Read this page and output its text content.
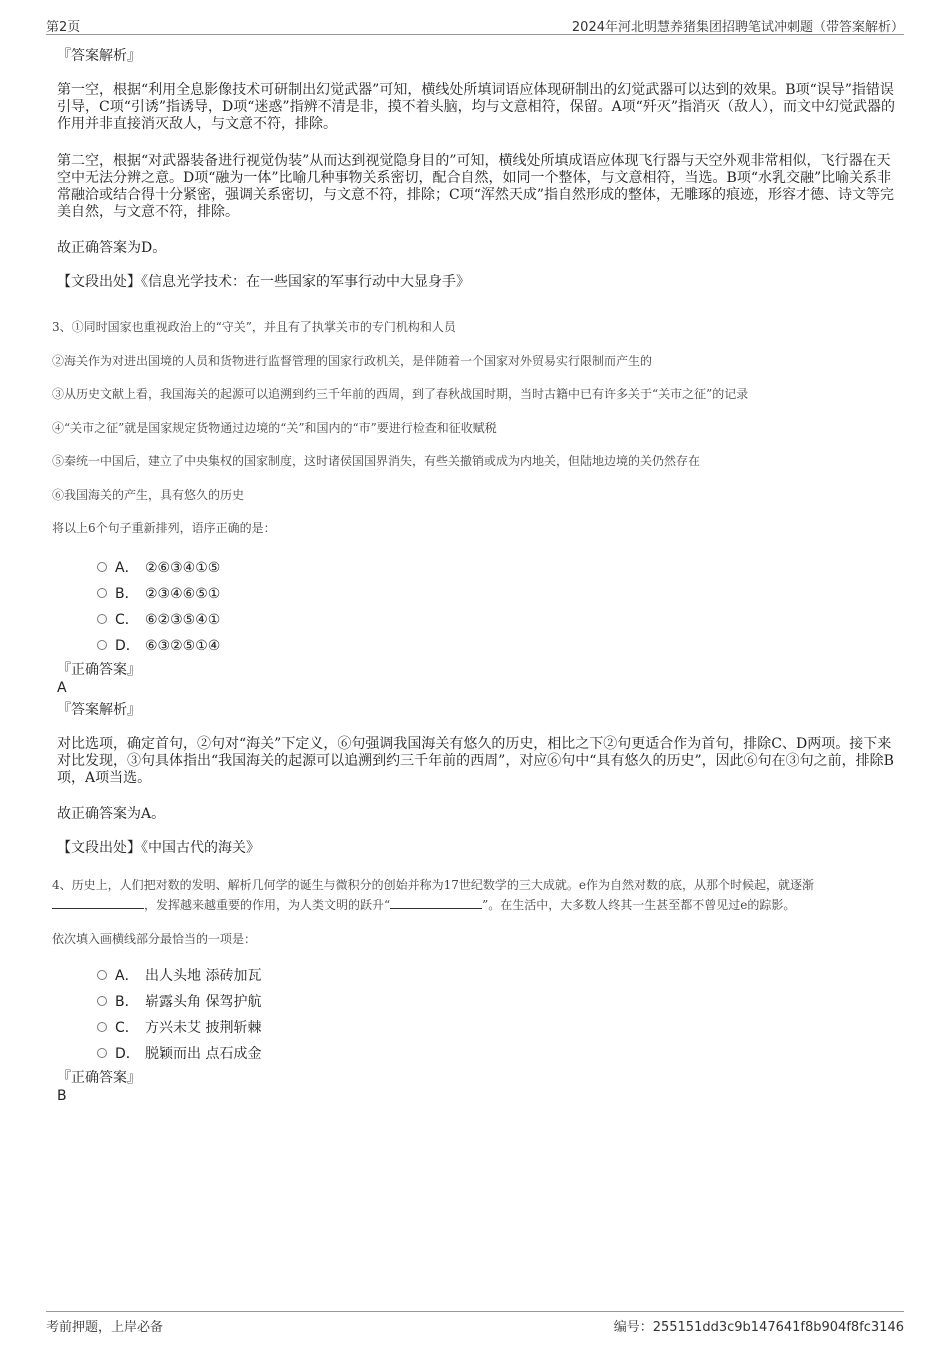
第2页	2024年河北明慧养猪集团招聘笔试冲刺题（带答案解析）
『答案解析』
第一空，根据“利用全息影像技术可研制出幻觉武器”可知，横线处所填词语应体现研制出的幻觉武器可以达到的效果。B项“误导”指错误引导，C项“引诱”指诱导，D项“迷惑”指辨不清是非，摸不着头脑，均与文意相符，保留。A项“歼灭”指消灭（敌人），而文中幻觉武器的作用并非直接消灭敌人，与文意不符，排除。
第二空，根据“对武器装备进行视觉伪装”从而达到视觉隐身目的”可知，横线处所填成语应体现飞行器与天空外观非常相似，飞行器在天空中无法分辨之意。D项“融为一体”比喻几种事物关系密切，配合自然，如同一个整体，与文意相符，当选。B项“水乳交融”比喻关系非常融洽或结合得十分紧密，强调关系密切，与文意不符，排除；C项“浑然天成”指自然形成的整体，无雕琢的痕迹，形容才德、诗文等完美自然，与文意不符，排除。
故正确答案为D。
【文段出处】《信息光学技术：在一些国家的军事行动中大显身手》
3、①同时国家也重视政治上的“守关”，并且有了执掌关市的专门机构和人员
②海关作为对进出国境的人员和货物进行监督管理的国家行政机关，是伴随着一个国家对外贸易实行限制而产生的
③从历史文献上看，我国海关的起源可以追溯到约三千年前的西周，到了春秋战国时期，当时古籍中已有许多关于“关市之征”的记录
④“关市之征”就是国家规定货物通过边境的“关”和国内的“市”要进行检查和征收赋税
⑤秦统一中国后，建立了中央集权的国家制度，这时诸侯国国界消失，有些关撤销或成为内地关，但陆地边境的关仍然存在
⑥我国海关的产生，具有悠久的历史
将以上6个句子重新排列，语序正确的是：
A． ②⑥③④①⑤
B． ②③④⑥⑤①
C． ⑥②③⑤④①
D． ⑥③②⑤①④
『正确答案』
A
『答案解析』
对比选项，确定首句，②句对“海关”下定义，⑥句强调我国海关有悠久的历史，相比之下②句更适合作为首句，排除C、D两项。接下来对比发现，③句具体指出“我国海关的起源可以追溯到约三千年前的西周”，对应⑥句中“具有悠久的历史”，因此⑥句在③句之前，排除B项，A项当选。
故正确答案为A。
【文段出处】《中国古代的海关》
4、历史上，人们把对数的发明、解析几何学的诞生与微积分的创始并称为17世纪数学的三大成就。e作为自然对数的底，从那个时候起，就逐渐，发挥越来越重要的作用，为人类文明的跃升“	”。在生活中，大多数人终其一生甚至都不曾见过e的踪影。
依次填入画横线部分最恰当的一项是：
A． 出人头地 添砖加瓦
B． 崭露头角 保驾护航
C． 方兴未艾 披荆斩棘
D． 脱颖而出 点石成金
『正确答案』
B
考前押题，上岸必备	编号：255151dd3c9b147641f8b904f8fc3146
